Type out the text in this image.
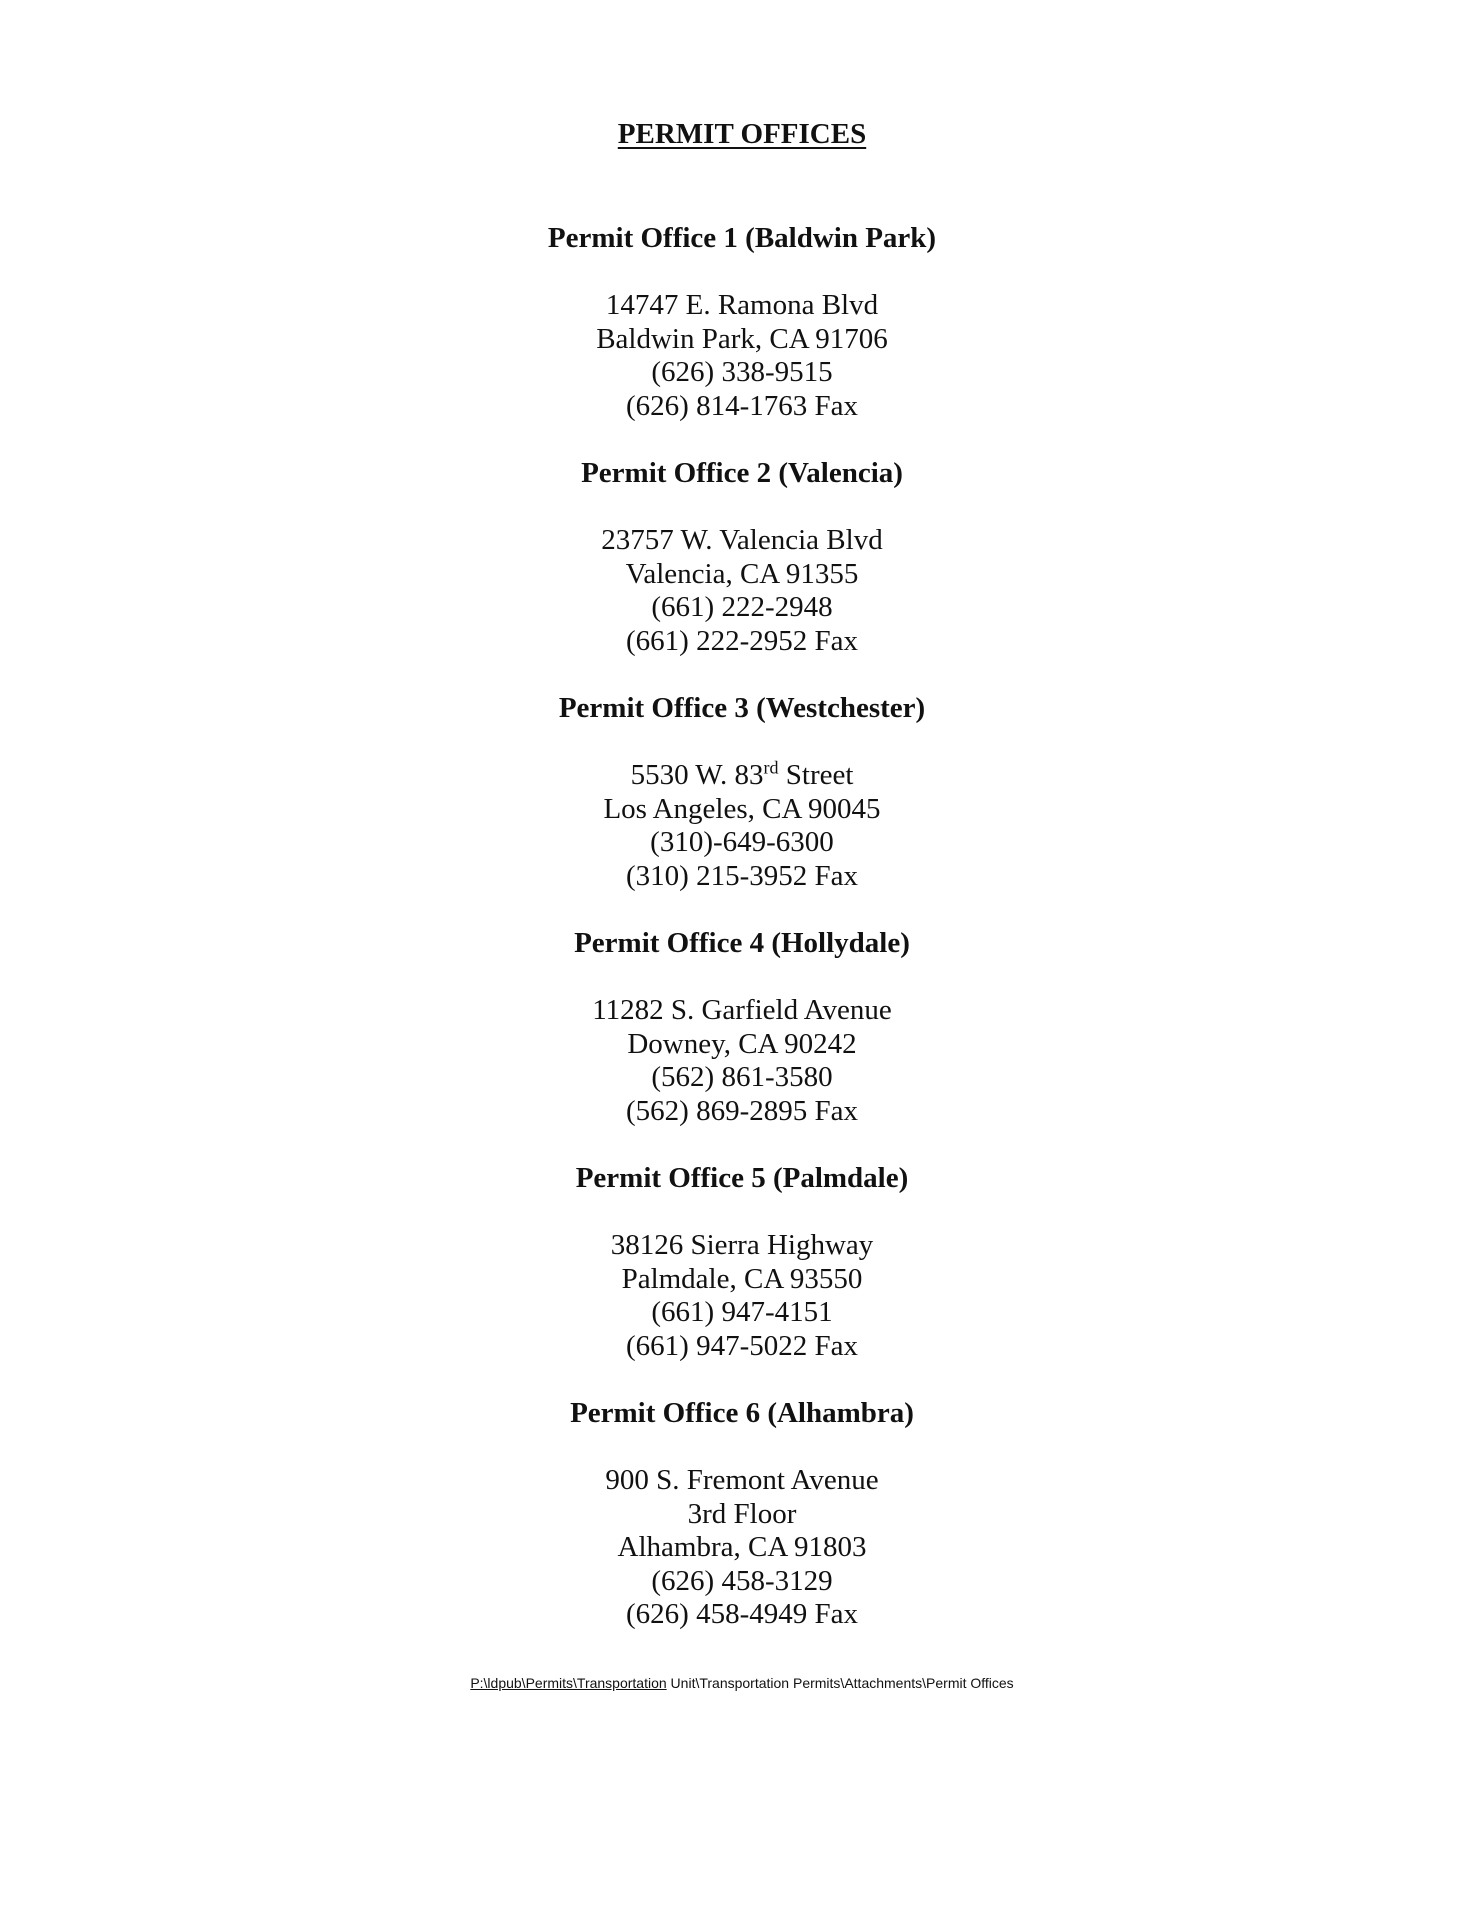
PERMIT OFFICES
Permit Office 1 (Baldwin Park)
14747 E. Ramona Blvd
Baldwin Park, CA 91706
(626) 338-9515
(626) 814-1763 Fax
Permit Office 2 (Valencia)
23757 W. Valencia Blvd
Valencia, CA 91355
(661) 222-2948
(661) 222-2952 Fax
Permit Office 3 (Westchester)
5530 W. 83rd Street
Los Angeles, CA 90045
(310)-649-6300
(310) 215-3952 Fax
Permit Office 4 (Hollydale)
11282 S. Garfield Avenue
Downey, CA 90242
(562) 861-3580
(562) 869-2895 Fax
Permit Office 5 (Palmdale)
38126 Sierra Highway
Palmdale, CA 93550
(661) 947-4151
(661) 947-5022 Fax
Permit Office 6 (Alhambra)
900 S. Fremont Avenue
3rd Floor
Alhambra, CA 91803
(626) 458-3129
(626) 458-4949 Fax
P:\ldpub\Permits\Transportation Unit\Transportation Permits\Attachments\Permit Offices
